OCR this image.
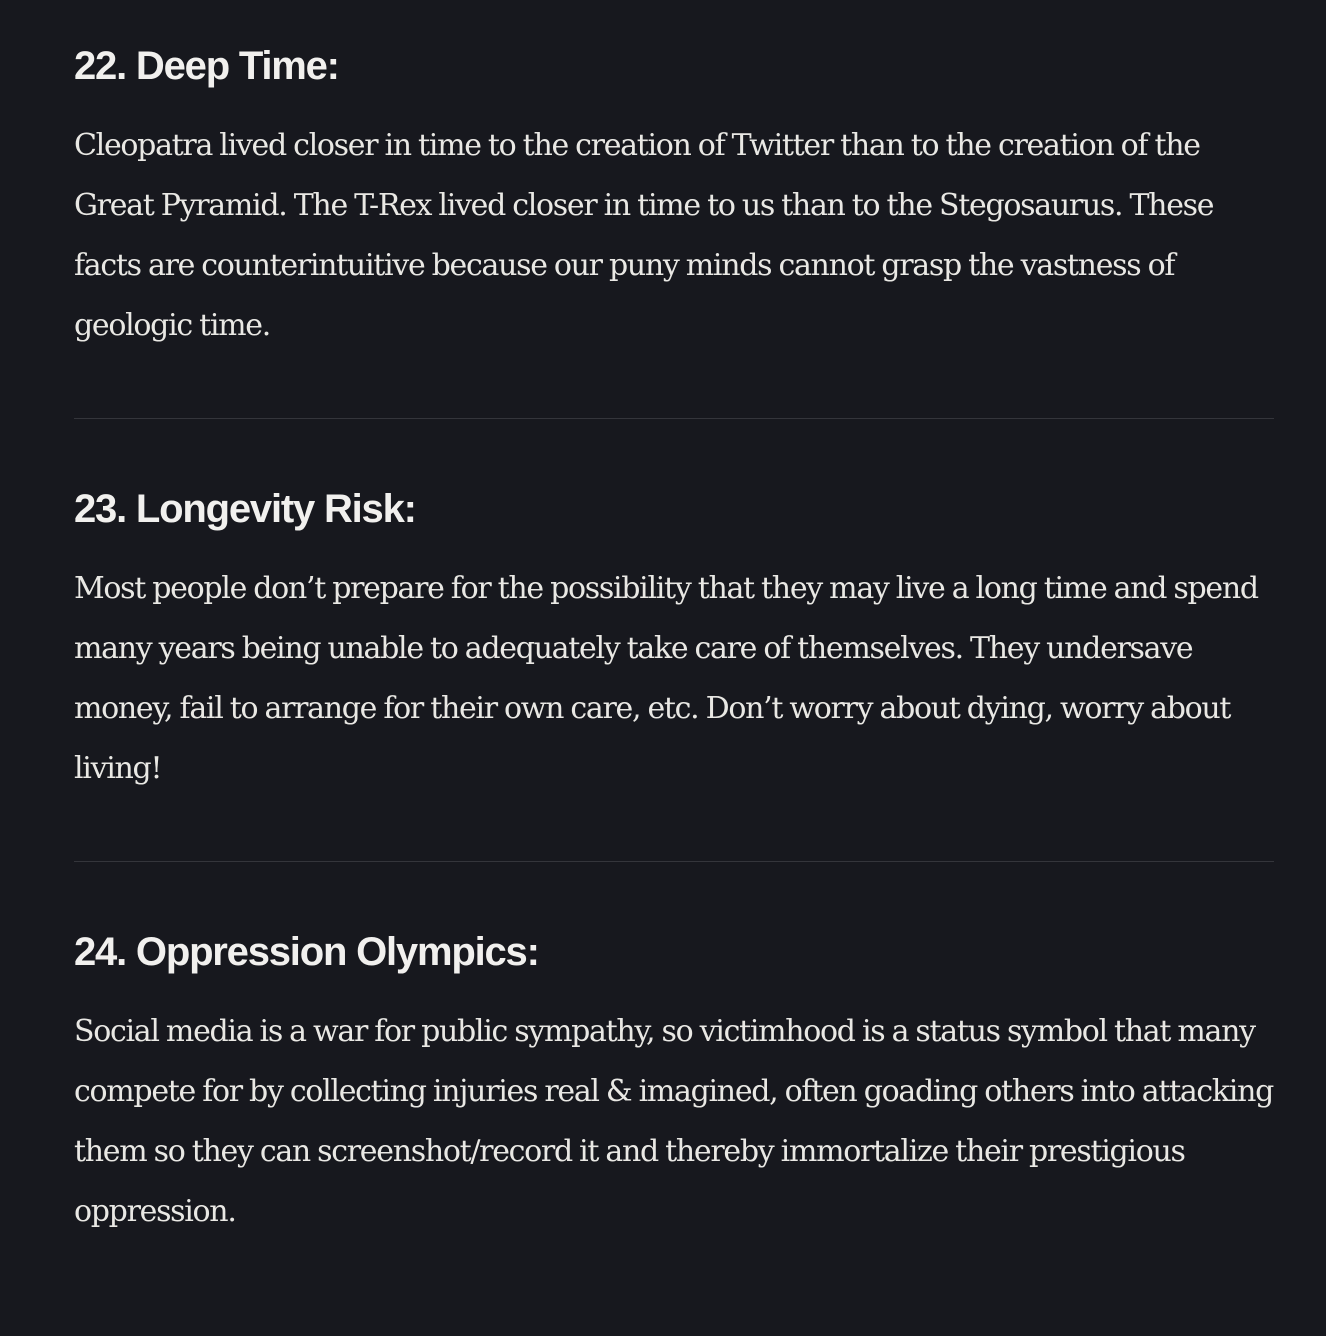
22. Deep Time:

Cleopatra lived closer in time to the creation of Twitter than to the creation of the Great Pyramid. The T-Rex lived closer in time to us than to the Stegosaurus. These facts are counterintuitive because our puny minds cannot grasp the vastness of geologic time.

23. Longevity Risk:

Most people don’t prepare for the possibility that they may live a long time and spend many years being unable to adequately take care of themselves. They undersave money, fail to arrange for their own care, etc. Don’t worry about dying, worry about living!

24. Oppression Olympics:

Social media is a war for public sympathy, so victimhood is a status symbol that many compete for by collecting injuries real & imagined, often goading others into attacking them so they can screenshot/record it and thereby immortalize their prestigious oppression.
